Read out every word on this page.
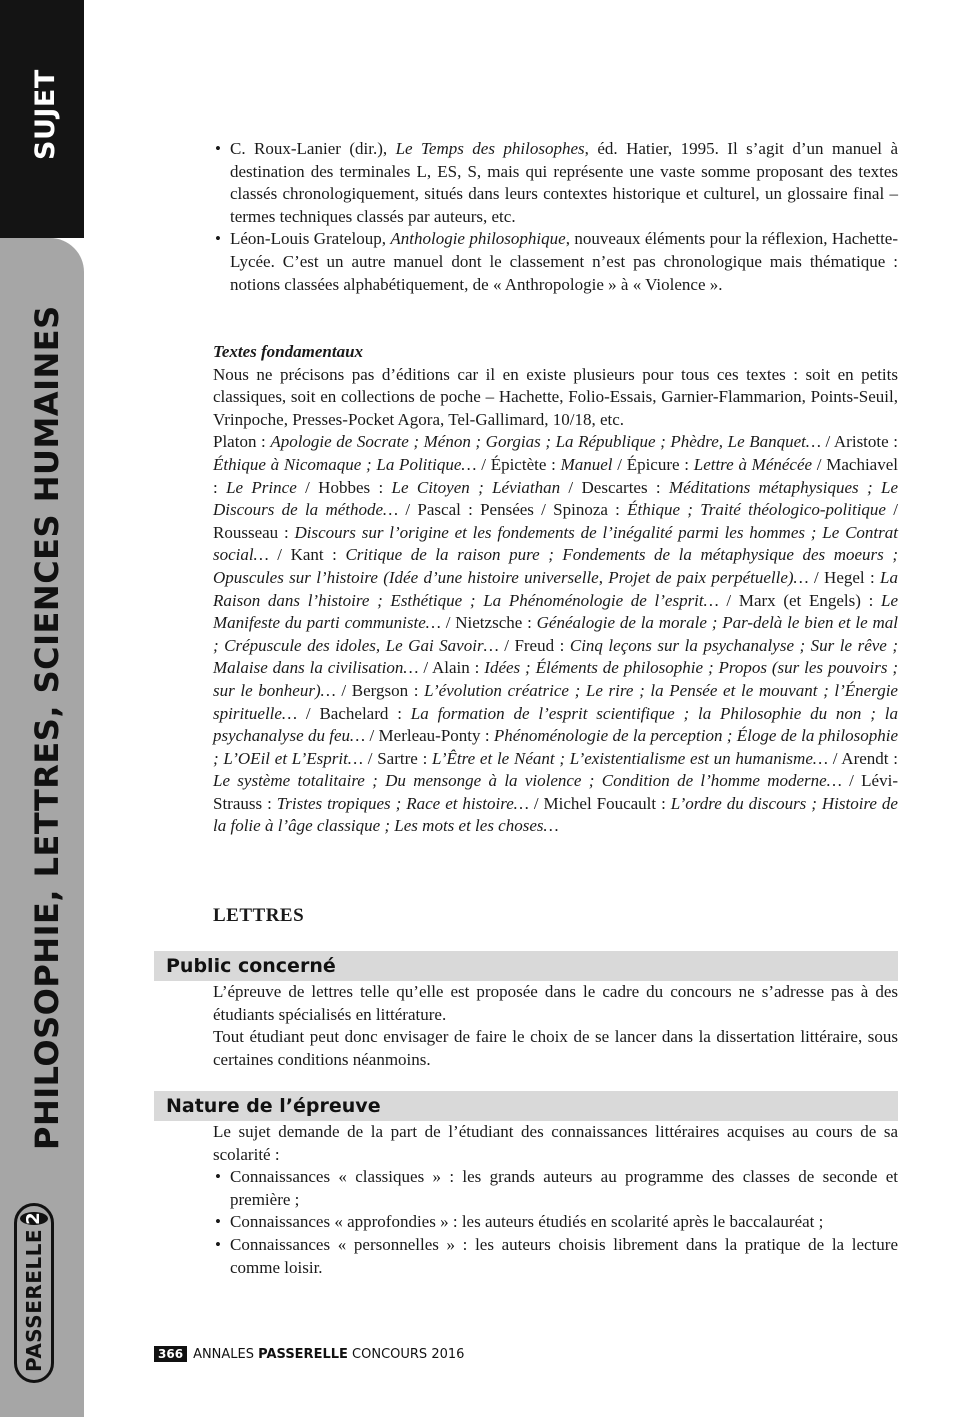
SUJET
PHILOSOPHIE, LETTRES, SCIENCES HUMAINES
PASSERELLE
2
• C. Roux-Lanier (dir.), Le Temps des philosophes, éd. Hatier, 1995. Il s’agit d’un manuel à destination des terminales L, ES, S, mais qui représente une vaste somme proposant des textes classés chronologiquement, situés dans leurs contextes historique et culturel, un glossaire final – termes techniques classés par auteurs, etc.
• Léon-Louis Grateloup, Anthologie philosophique, nouveaux éléments pour la réflexion, Hachette-Lycée. C’est un autre manuel dont le classement n’est pas chronologique mais thématique : notions classées alphabétiquement, de « Anthropologie » à « Violence ».

Textes fondamentaux

Nous ne précisons pas d’éditions car il en existe plusieurs pour tous ces textes : soit en petits classiques, soit en collections de poche – Hachette, Folio-Essais, Garnier-Flammarion, Points-Seuil, Vrinpoche, Presses-Pocket Agora, Tel-Gallimard, 10/18, etc.

Platon : Apologie de Socrate ; Ménon ; Gorgias ; La République ; Phèdre, Le Banquet… / Aristote : Éthique à Nicomaque ; La Politique… / Épictète : Manuel / Épicure : Lettre à Ménécée / Machiavel : Le Prince / Hobbes : Le Citoyen ; Léviathan / Descartes : Méditations métaphysiques ; Le Discours de la méthode… / Pascal : Pensées / Spinoza : Éthique ; Traité théologico-politique / Rousseau : Discours sur l’origine et les fondements de l’inégalité parmi les hommes ; Le Contrat social… / Kant : Critique de la raison pure ; Fondements de la métaphysique des moeurs ; Opuscules sur l’histoire (Idée d’une histoire universelle, Projet de paix perpétuelle)… / Hegel : La Raison dans l’histoire ; Esthétique ; La Phénoménologie de l’esprit… / Marx (et Engels) : Le Manifeste du parti communiste… / Nietzsche : Généalogie de la morale ; Par-delà le bien et le mal ; Crépuscule des idoles, Le Gai Savoir… / Freud : Cinq leçons sur la psychanalyse ; Sur le rêve ; Malaise dans la civilisation… / Alain : Idées ; Éléments de philosophie ; Propos (sur les pouvoirs ; sur le bonheur)… / Bergson : L’évolution créatrice ; Le rire ; la Pensée et le mouvant ; l’Énergie spirituelle… / Bachelard : La formation de l’esprit scientifique ; la Philosophie du non ; la psychanalyse du feu… / Merleau-Ponty : Phénoménologie de la perception ; Éloge de la philosophie ; L’OEil et L’Esprit… / Sartre : L’Être et le Néant ; L’existentialisme est un humanisme… / Arendt : Le système totalitaire ; Du mensonge à la violence ; Condition de l’homme moderne… / Lévi-Strauss : Tristes tropiques ; Race et histoire… / Michel Foucault : L’ordre du discours ; Histoire de la folie à l’âge classique ; Les mots et les choses…

LETTRES

Public concerné

L’épreuve de lettres telle qu’elle est proposée dans le cadre du concours ne s’adresse pas à des étudiants spécialisés en littérature.

Tout étudiant peut donc envisager de faire le choix de se lancer dans la dissertation littéraire, sous certaines conditions néanmoins.

Nature de l’épreuve

Le sujet demande de la part de l’étudiant des connaissances littéraires acquises au cours de sa scolarité :

• Connaissances « classiques » : les grands auteurs au programme des classes de seconde et première ;
• Connaissances « approfondies » : les auteurs étudiés en scolarité après le baccalauréat ;
• Connaissances « personnelles » : les auteurs choisis librement dans la pratique de la lecture comme loisir.
366 ANNALES PASSERELLE CONCOURS 2016
